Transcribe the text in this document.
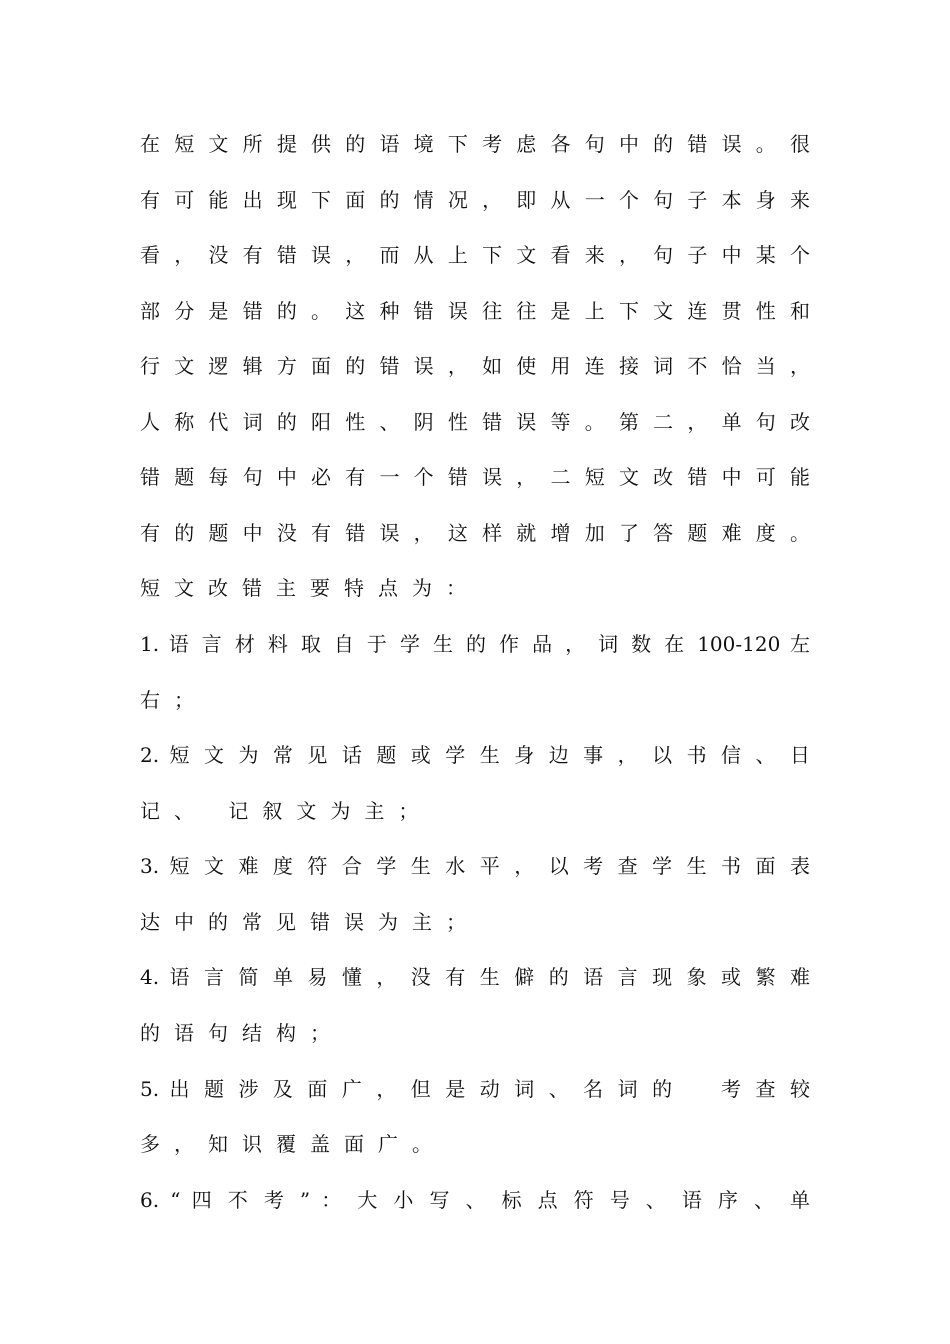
在 短 文 所 提 供 的 语 境 下 考 虑 各 句 中 的 错 误 。 很
有 可 能 出 现 下 面 的 情 况 ， 即 从 一 个 句 子 本 身 来
看 ， 没 有 错 误 ， 而 从 上 下 文 看 来 ， 句 子 中 某 个
部 分 是 错 的 。 这 种 错 误 往 往 是 上 下 文 连 贯 性 和
行 文 逻 辑 方 面 的 错 误 ， 如 使 用 连 接 词 不 恰 当 ，
人 称 代 词 的 阳 性 、 阴 性 错 误 等 。 第 二 ， 单 句 改
错 题 每 句 中 必 有 一 个 错 误 ， 二 短 文 改 错 中 可 能
有 的 题 中 没 有 错 误 ， 这 样 就 增 加 了 答 题 难 度 。
短文改错主要特点为：
1. 语 言 材 料 取 自 于 学 生 的 作 品 ， 词 数 在 100-120 左
右；
2. 短 文 为 常 见 话 题 或 学 生 身 边 事 ， 以 书 信 、 日
记、 记叙文为主；
3. 短 文 难 度 符 合 学 生 水 平 ， 以 考 查 学 生 书 面 表
达中的常见错误为主；
4. 语 言 简 单 易 懂 ， 没 有 生 僻 的 语 言 现 象 或 繁 难
的语句结构；
5. 出 题 涉 及 面 广 ， 但 是 动 词 、 名 词 的 　 考 查 较
多，知识覆盖面广。
6. “ 四 不 考 ” ： 大 小 写 、 标 点 符 号 、 语 序 、 单
